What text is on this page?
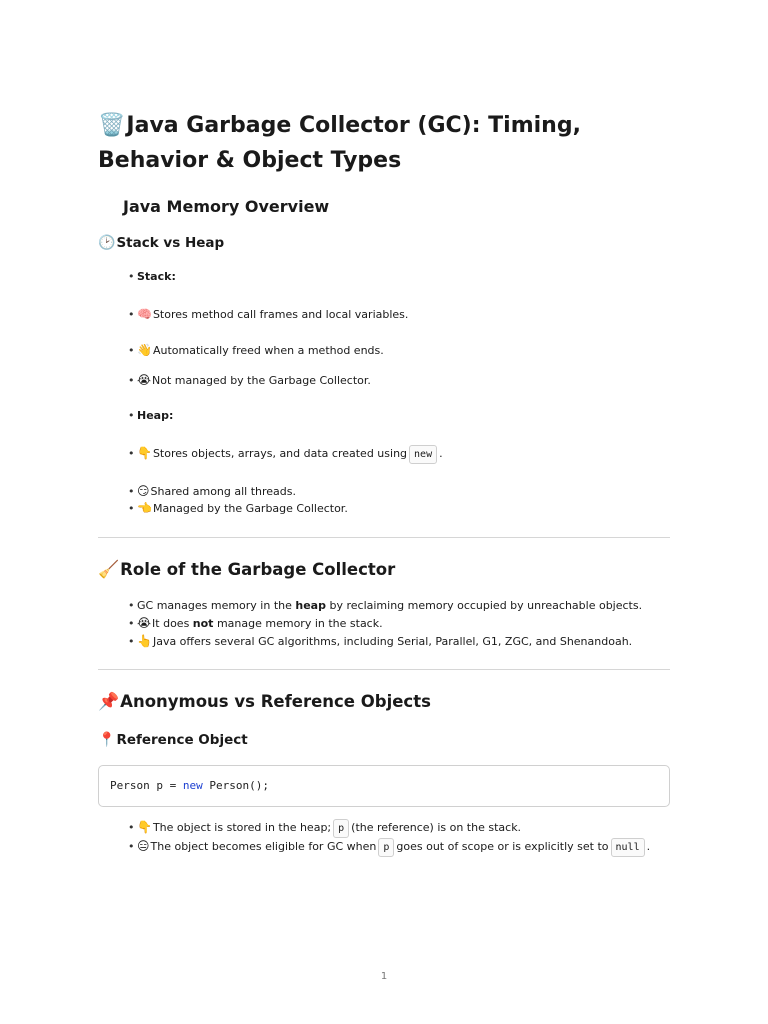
🗑️Java Garbage Collector (GC): Timing, Behavior & Object Types
Java Memory Overview
🕑Stack vs Heap
• Stack:
• 🧠Stores method call frames and local variables.
• 👋Automatically freed when a method ends.
• 😭Not managed by the Garbage Collector.
• Heap:
• 👇Stores objects, arrays, and data created using new .
• 😏Shared among all threads.
• 👈Managed by the Garbage Collector.
🧹Role of the Garbage Collector
• GC manages memory in the heap by reclaiming memory occupied by unreachable objects.
• 😭It does not manage memory in the stack.
• 👆Java offers several GC algorithms, including Serial, Parallel, G1, ZGC, and Shenandoah.
📌Anonymous vs Reference Objects
📍Reference Object
Person p = new Person();
• 👇The object is stored in the heap; p (the reference) is on the stack.
• 😑The object becomes eligible for GC when p goes out of scope or is explicitly set to null .
1
